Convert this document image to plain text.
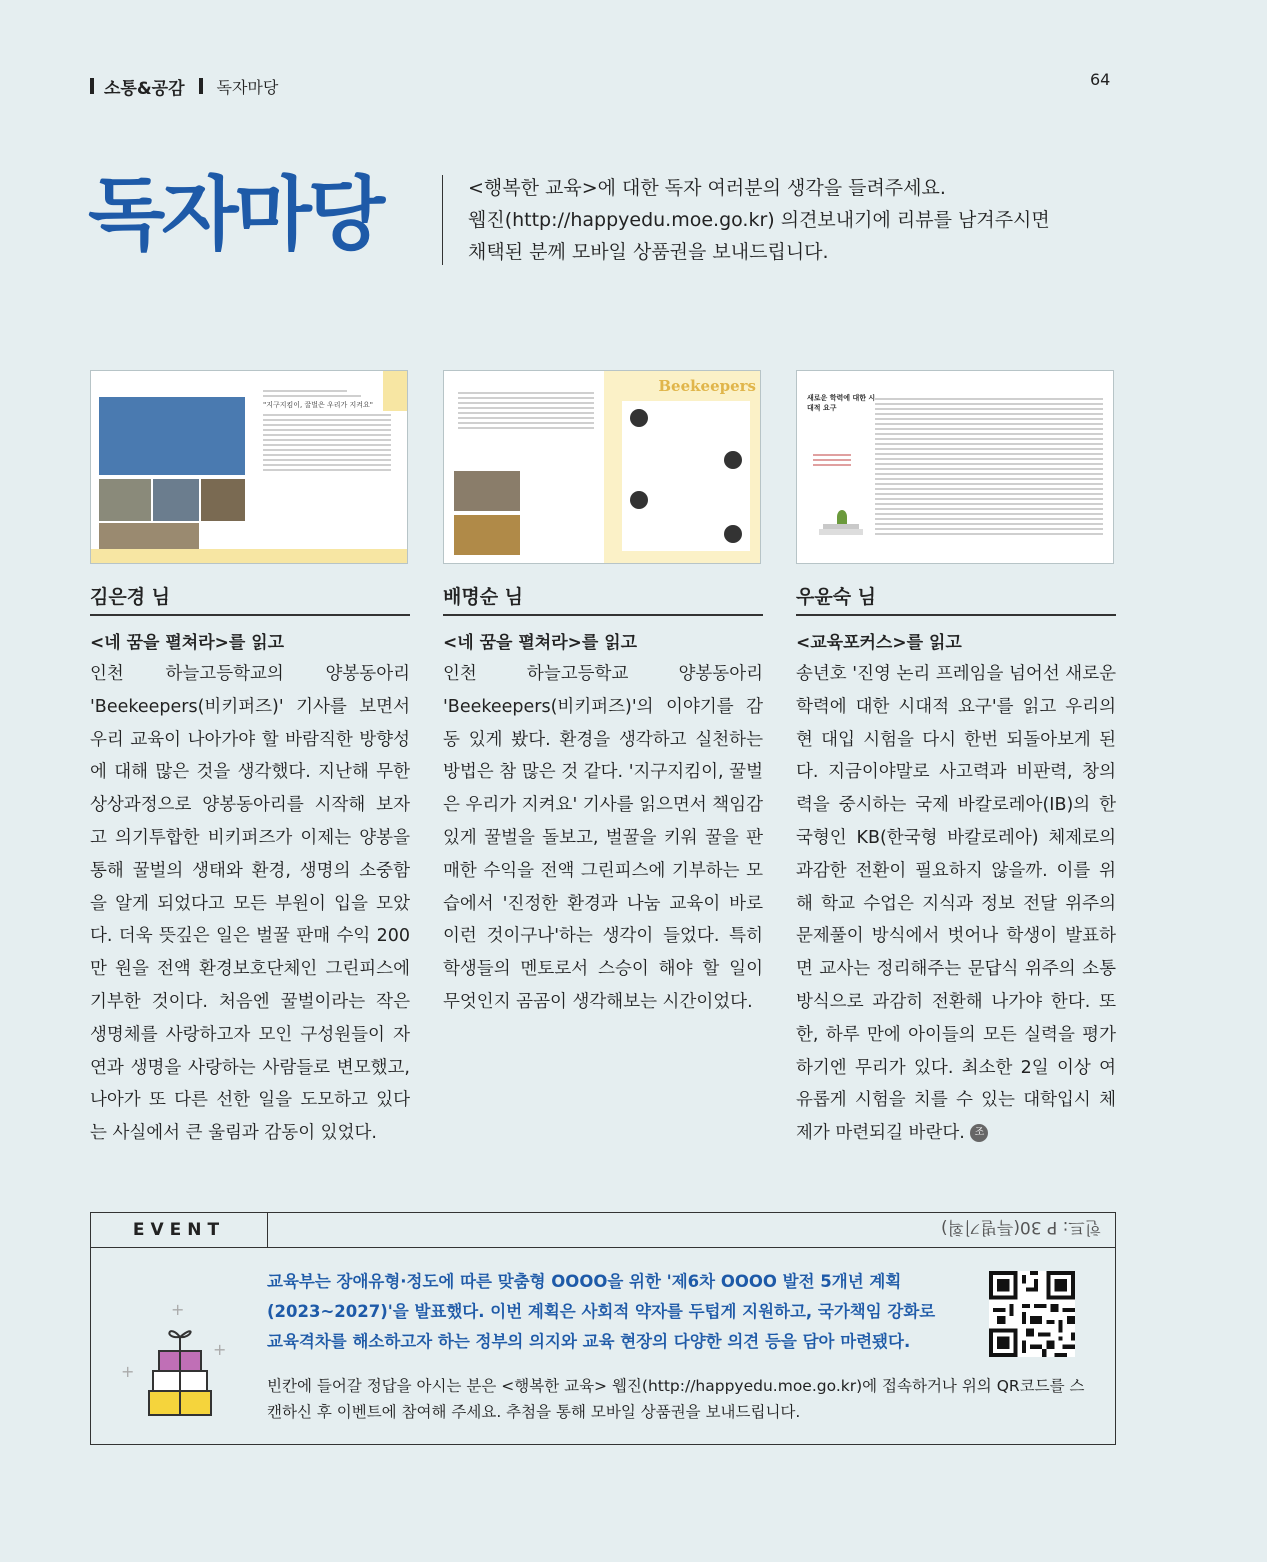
소통&공감 독자마당	64
독자마당	<행복한 교육>에 대한 독자 여러분의 생각을 들려주세요.
웹진(http://happyedu.moe.go.kr) 의견보내기에 리뷰를 남겨주시면
채택된 분께 모바일 상품권을 보내드립니다.
"지구지킴이, 꿀벌은 우리가 지켜요"
Beekeepers
새로운 학력에 대한 시대적 요구
김은경 님
<네 꿈을 펼쳐라>를 읽고
인천 하늘고등학교의 양봉동아리 'Beekeepers(비키퍼즈)' 기사를 보면서 우리 교육이 나아가야 할 바람직한 방향성에 대해 많은 것을 생각했다. 지난해 무한상상과정으로 양봉동아리를 시작해 보자고 의기투합한 비키퍼즈가 이제는 양봉을 통해 꿀벌의 생태와 환경, 생명의 소중함을 알게 되었다고 모든 부원이 입을 모았다. 더욱 뜻깊은 일은 벌꿀 판매 수익 200만 원을 전액 환경보호단체인 그린피스에 기부한 것이다. 처음엔 꿀벌이라는 작은 생명체를 사랑하고자 모인 구성원들이 자연과 생명을 사랑하는 사람들로 변모했고, 나아가 또 다른 선한 일을 도모하고 있다는 사실에서 큰 울림과 감동이 있었다.
배명순 님
<네 꿈을 펼쳐라>를 읽고
인천 하늘고등학교 양봉동아리 'Beekeepers(비키퍼즈)'의 이야기를 감동 있게 봤다. 환경을 생각하고 실천하는 방법은 참 많은 것 같다. '지구지킴이, 꿀벌은 우리가 지켜요' 기사를 읽으면서 책임감 있게 꿀벌을 돌보고, 벌꿀을 키워 꿀을 판매한 수익을 전액 그린피스에 기부하는 모습에서 '진정한 환경과 나눔 교육이 바로 이런 것이구나'하는 생각이 들었다. 특히 학생들의 멘토로서 스승이 해야 할 일이 무엇인지 곰곰이 생각해보는 시간이었다.
우윤숙 님
<교육포커스>를 읽고
송년호 '진영 논리 프레임을 넘어선 새로운 학력에 대한 시대적 요구'를 읽고 우리의 현 대입 시험을 다시 한번 되돌아보게 된다. 지금이야말로 사고력과 비판력, 창의력을 중시하는 국제 바칼로레아(IB)의 한국형인 KB(한국형 바칼로레아) 체제로의 과감한 전환이 필요하지 않을까. 이를 위해 학교 수업은 지식과 정보 전달 위주의 문제풀이 방식에서 벗어나 학생이 발표하면 교사는 정리해주는 문답식 위주의 소통방식으로 과감히 전환해 나가야 한다. 또한, 하루 만에 아이들의 모든 실력을 평가하기엔 무리가 있다. 최소한 2일 이상 여유롭게 시험을 치를 수 있는 대학입시 체제가 마련되길 바란다. 조
EVENT	힌트: P 30(특별기획)
+
+
+
교육부는 장애유형·정도에 따른 맞춤형 OOOO을 위한 '제6차 OOOO 발전 5개년 계획(2023~2027)'을 발표했다. 이번 계획은 사회적 약자를 두텁게 지원하고, 국가책임 강화로 교육격차를 해소하고자 하는 정부의 의지와 교육 현장의 다양한 의견 등을 담아 마련됐다.
빈칸에 들어갈 정답을 아시는 분은 <행복한 교육> 웹진(http://happyedu.moe.go.kr)에 접속하거나 위의 QR코드를 스캔하신 후 이벤트에 참여해 주세요. 추첨을 통해 모바일 상품권을 보내드립니다.
